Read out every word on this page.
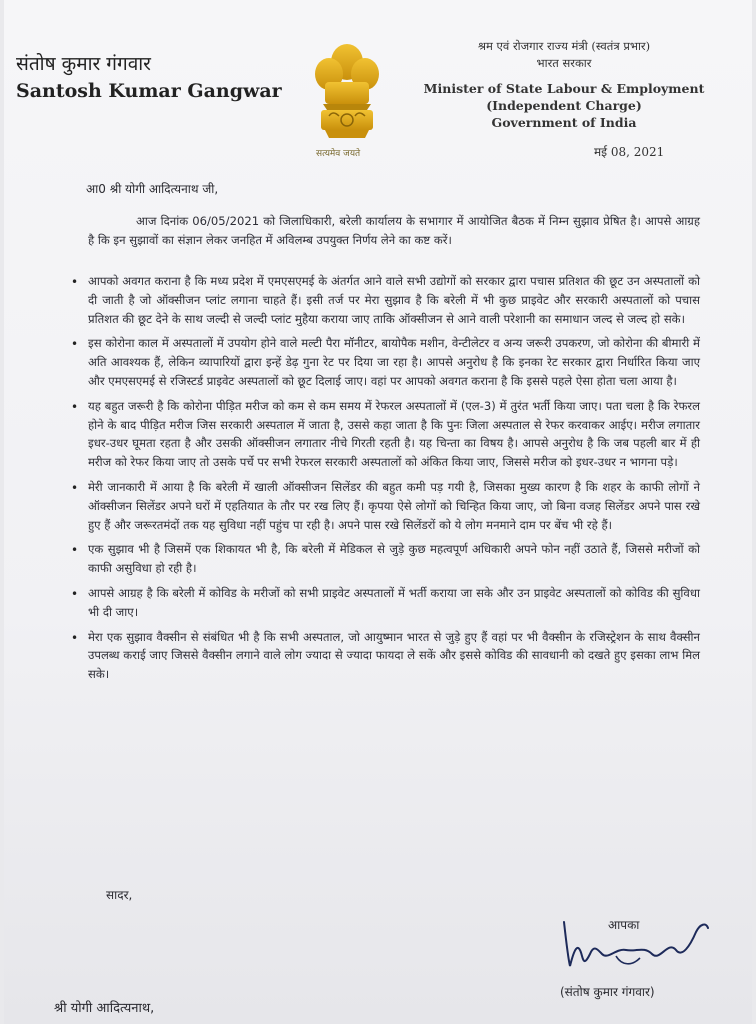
संतोष कुमार गंगवार
Santosh Kumar Gangwar
सत्यमेव जयते
श्रम एवं रोजगार राज्य मंत्री (स्वतंत्र प्रभार)
भारत सरकार
Minister of State Labour & Employment
(Independent Charge)
Government of India
मई 08, 2021
आ0 श्री योगी आदित्यनाथ जी,
आज दिनांक 06/05/2021 को जिलाधिकारी, बरेली कार्यालय के सभागार में आयोजित बैठक में निम्न सुझाव प्रेषित है। आपसे आग्रह है कि इन सुझावों का संज्ञान लेकर जनहित में अविलम्ब उपयुक्त निर्णय लेने का कष्ट करें।
• आपको अवगत कराना है कि मध्य प्रदेश में एमएसएमई के अंतर्गत आने वाले सभी उद्योगों को सरकार द्वारा पचास प्रतिशत की छूट उन अस्पतालों को दी जाती है जो ऑक्सीजन प्लांट लगाना चाहते हैं। इसी तर्ज पर मेरा सुझाव है कि बरेली में भी कुछ प्राइवेट और सरकारी अस्पतालों को पचास प्रतिशत की छूट देने के साथ जल्दी से जल्दी प्लांट मुहैया कराया जाए ताकि ऑक्सीजन से आने वाली परेशानी का समाधान जल्द से जल्द हो सके।
• इस कोरोना काल में अस्पतालों में उपयोग होने वाले मल्टी पैरा मॉनीटर, बायोपैक मशीन, वेन्टीलेटर व अन्य जरूरी उपकरण, जो कोरोना की बीमारी में अति आवश्यक हैं, लेकिन व्यापारियों द्वारा इन्हें डेढ़ गुना रेट पर दिया जा रहा है। आपसे अनुरोध है कि इनका रेट सरकार द्वारा निर्धारित किया जाए और एमएसएमई से रजिस्टर्ड प्राइवेट अस्पतालों को छूट दिलाई जाए। वहां पर आपको अवगत कराना है कि इससे पहले ऐसा होता चला आया है।
• यह बहुत जरूरी है कि कोरोना पीड़ित मरीज को कम से कम समय में रेफरल अस्पतालों में (एल-3) में तुरंत भर्ती किया जाए। पता चला है कि रेफरल होने के बाद पीड़ित मरीज जिस सरकारी अस्पताल में जाता है, उससे कहा जाता है कि पुनः जिला अस्पताल से रेफर करवाकर आईए। मरीज लगातार इधर-उधर घूमता रहता है और उसकी ऑक्सीजन लगातार नीचे गिरती रहती है। यह चिन्ता का विषय है। आपसे अनुरोध है कि जब पहली बार में ही मरीज को रेफर किया जाए तो उसके पर्चे पर सभी रेफरल सरकारी अस्पतालों को अंकित किया जाए, जिससे मरीज को इधर-उधर न भागना पड़े।
• मेरी जानकारी में आया है कि बरेली में खाली ऑक्सीजन सिलेंडर की बहुत कमी पड़ गयी है, जिसका मुख्य कारण है कि शहर के काफी लोगों ने ऑक्सीजन सिलेंडर अपने घरों में एहतियात के तौर पर रख लिए हैं। कृपया ऐसे लोगों को चिन्हित किया जाए, जो बिना वजह सिलेंडर अपने पास रखे हुए हैं और जरूरतमंदों तक यह सुविधा नहीं पहुंच पा रही है। अपने पास रखे सिलेंडरों को ये लोग मनमाने दाम पर बेंच भी रहे हैं।
• एक सुझाव भी है जिसमें एक शिकायत भी है, कि बरेली में मेडिकल से जुड़े कुछ महत्वपूर्ण अधिकारी अपने फोन नहीं उठाते हैं, जिससे मरीजों को काफी असुविधा हो रही है।
• आपसे आग्रह है कि बरेली में कोविड के मरीजों को सभी प्राइवेट अस्पतालों में भर्ती कराया जा सके और उन प्राइवेट अस्पतालों को कोविड की सुविधा भी दी जाए।
• मेरा एक सुझाव वैक्सीन से संबंधित भी है कि सभी अस्पताल, जो आयुष्मान भारत से जुड़े हुए हैं वहां पर भी वैक्सीन के रजिस्ट्रेशन के साथ वैक्सीन उपलब्ध कराई जाए जिससे वैक्सीन लगाने वाले लोग ज्यादा से ज्यादा फायदा ले सकें और इससे कोविड की सावधानी को दखते हुए इसका लाभ मिल सके।
सादर,
आपका
(संतोष कुमार गंगवार)
श्री योगी आदित्यनाथ,
